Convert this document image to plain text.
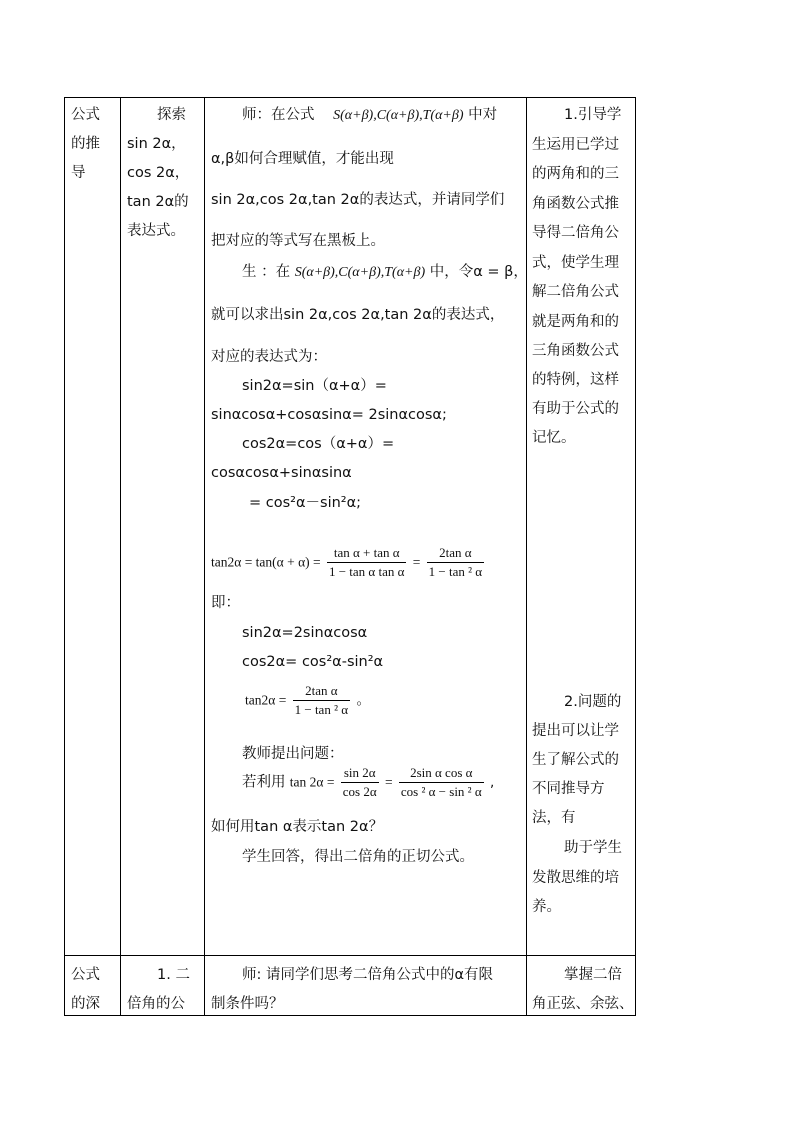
公式
的推
导
探索
sin 2α，
cos 2α，
tan 2α的
表达式。
师：在公式 S(α+β),C(α+β),T(α+β) 中对
α,β如何合理赋值，才能出现
sin 2α,cos 2α,tan 2α的表达式，并请同学们
把对应的等式写在黑板上。
生 ：在 S(α+β),C(α+β),T(α+β) 中，令α = β，
就可以求出sin 2α,cos 2α,tan 2α的表达式，
对应的表达式为：
sin2α=sin（α+α）=
sinαcosα+cosαsinα= 2sinαcosα;
cos2α=cos（α+α）=
cosαcosα+sinαsinα
= cos²α－sin²α;
$\tan 2\alpha = \tan(\alpha + \alpha) = \frac{\text{tan α + tan α}}{\text{1 − tan α tan α}} = \frac{\text{2tan α}}{\text{1 − tan ² α}}$
即：
sin2α=2sinαcosα
cos2α= cos²α-sin²α
$\tan 2\alpha = \frac{\text{2tan α}}{\text{1 − tan ² α}}$ 。
教师提出问题：
若利用 $\tan 2\alpha = \frac{\sin 2\alpha}{\cos 2\alpha} = \frac{\text{2sin α cos α}}{\text{cos ² α − sin ² α}}$ ,
如何用tan α表示tan 2α？
学生回答，得出二倍角的正切公式。
1.引导学
生运用已学过
的两角和的三
角函数公式推
导得二倍角公
式，使学生理
解二倍角公式
就是两角和的
三角函数公式
的特例，这样
有助于公式的
记忆。
2.问题的
提出可以让学
生了解公式的
不同推导方
法，有
助于学生
发散思维的培
养。
公式
的深
1. 二
倍角的公
师: 请同学们思考二倍角公式中的α有限
制条件吗？
掌握二倍
角正弦、余弦、
